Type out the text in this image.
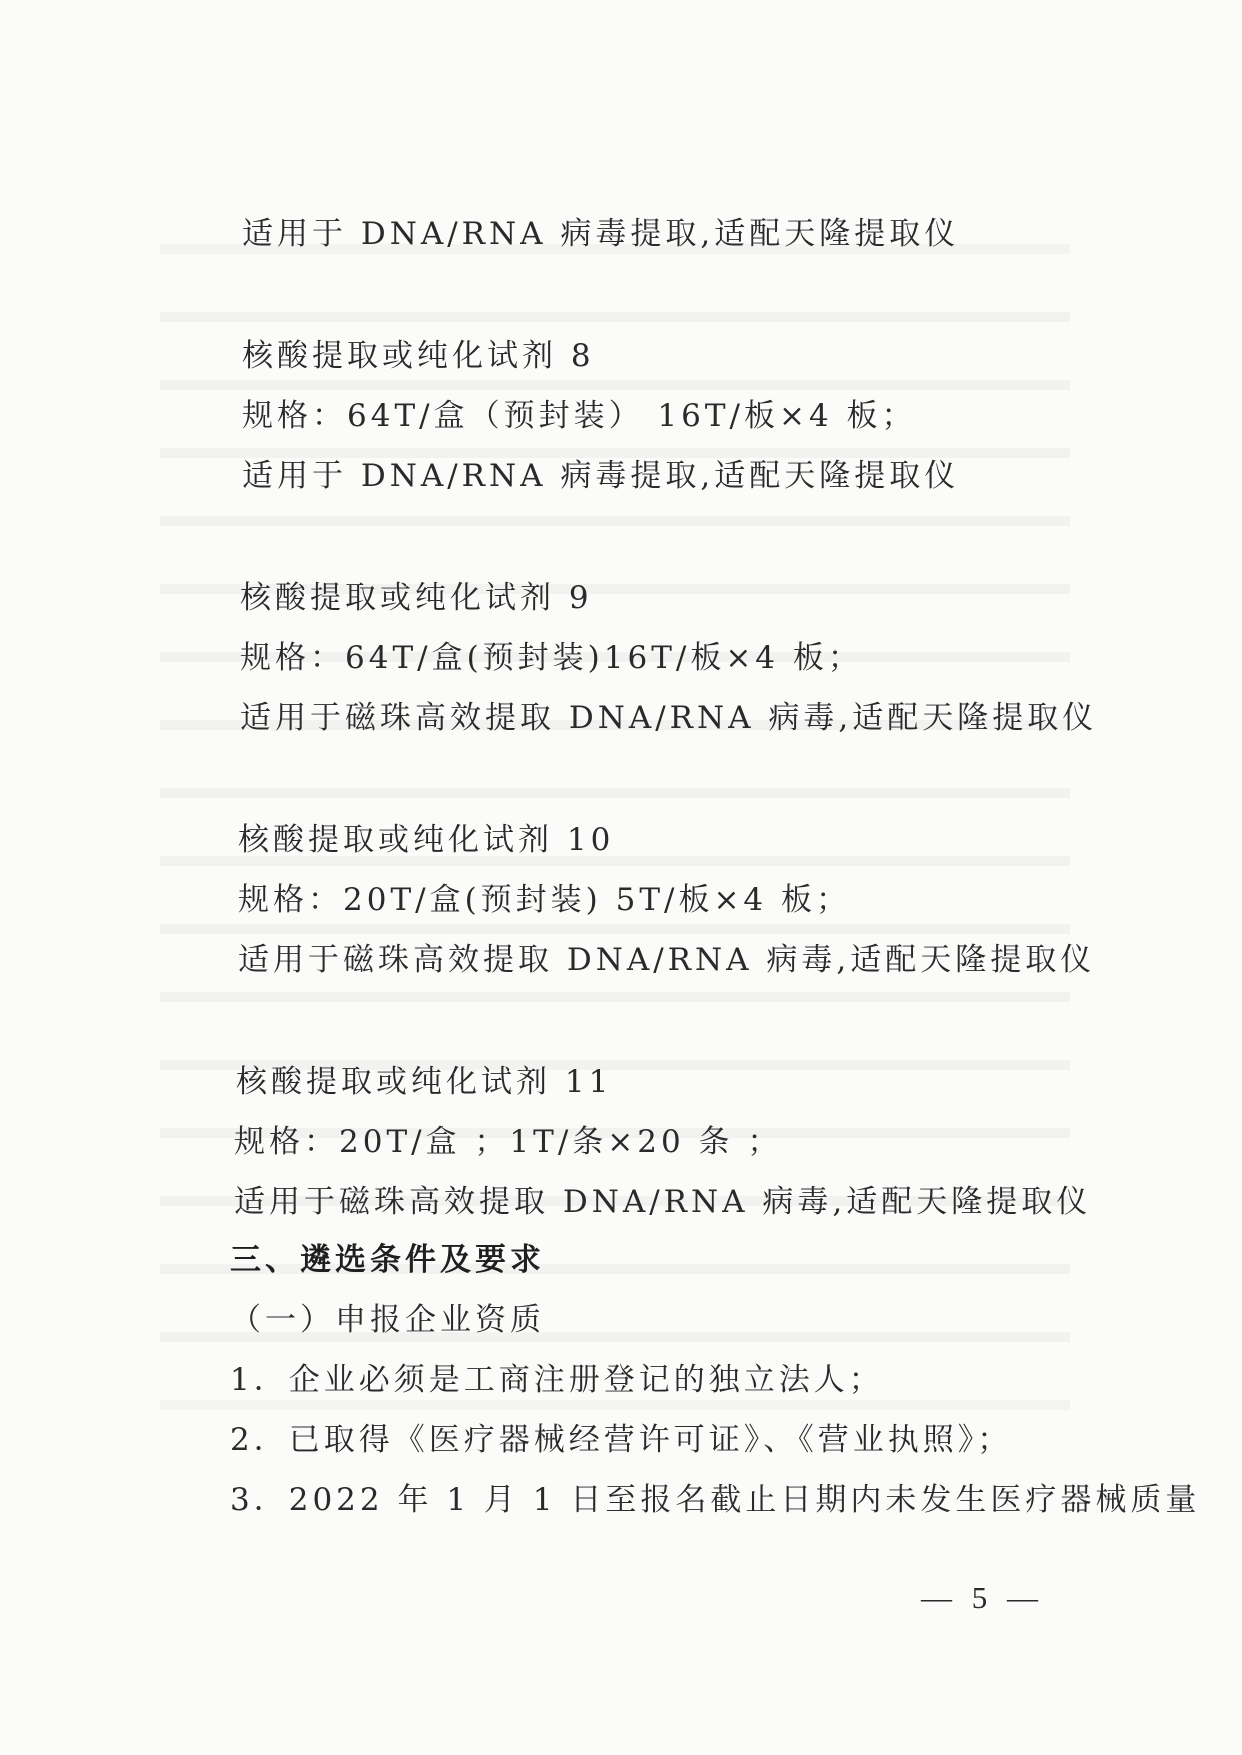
适用于 DNA/RNA 病毒提取,适配天隆提取仪
核酸提取或纯化试剂 8
规格：64T/盒（预封装） 16T/板×4 板；
适用于 DNA/RNA 病毒提取,适配天隆提取仪
核酸提取或纯化试剂 9
规格：64T/盒(预封装)16T/板×4 板；
适用于磁珠高效提取 DNA/RNA 病毒,适配天隆提取仪
核酸提取或纯化试剂 10
规格：20T/盒(预封装) 5T/板×4 板；
适用于磁珠高效提取 DNA/RNA 病毒,适配天隆提取仪
核酸提取或纯化试剂 11
规格：20T/盒 ；1T/条×20 条 ；
适用于磁珠高效提取 DNA/RNA 病毒,适配天隆提取仪
三、遴选条件及要求
（一）申报企业资质
1．企业必须是工商注册登记的独立法人；
2．已取得《医疗器械经营许可证》、《营业执照》；
3．2022 年 1 月 1 日至报名截止日期内未发生医疗器械质量
— 5 —
